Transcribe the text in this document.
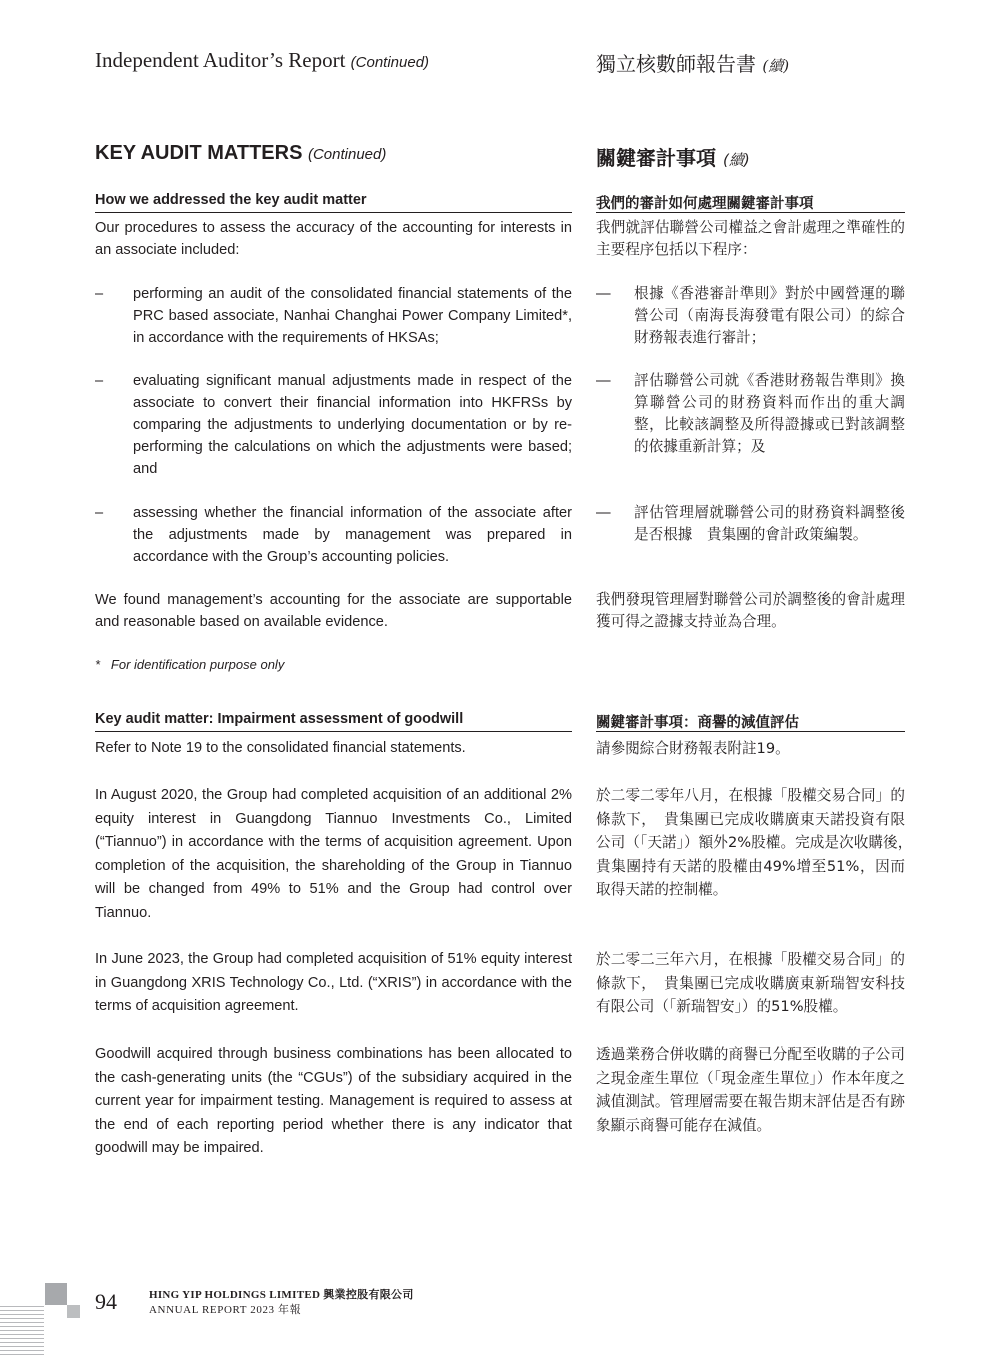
Independent Auditor’s Report (Continued)	獨立核數師報告書 (續)
KEY AUDIT MATTERS (Continued)	關鍵審計事項 (續)
How we addressed the key audit matter	我們的審計如何處理關鍵審計事項
Our procedures to assess the accuracy of the accounting for interests in an associate included:
我們就評估聯營公司權益之會計處理之準確性的主要程序包括以下程序：
– performing an audit of the consolidated financial statements of the PRC based associate, Nanhai Changhai Power Company Limited*, in accordance with the requirements of HKSAs;
— 根據《香港審計準則》對於中國營運的聯營公司（南海長海發電有限公司）的綜合財務報表進行審計；
– evaluating significant manual adjustments made in respect of the associate to convert their financial information into HKFRSs by comparing the adjustments to underlying documentation or by re-performing the calculations on which the adjustments were based; and
— 評估聯營公司就《香港財務報告準則》換算聯營公司的財務資料而作出的重大調整，比較該調整及所得證據或已對該調整的依據重新計算；及
– assessing whether the financial information of the associate after the adjustments made by management was prepared in accordance with the Group’s accounting policies.
— 評估管理層就聯營公司的財務資料調整後是否根據　貴集團的會計政策編製。
We found management’s accounting for the associate are supportable and reasonable based on available evidence.
我們發現管理層對聯營公司於調整後的會計處理獲可得之證據支持並為合理。
*   For identification purpose only
Key audit matter: Impairment assessment of goodwill	關鍵審計事項：商譽的減值評估
Refer to Note 19 to the consolidated financial statements.	請參閱綜合財務報表附註19。
In August 2020, the Group had completed acquisition of an additional 2% equity interest in Guangdong Tiannuo Investments Co., Limited (“Tiannuo”) in accordance with the terms of acquisition agreement. Upon completion of the acquisition, the shareholding of the Group in Tiannuo will be changed from 49% to 51% and the Group had control over Tiannuo.
於二零二零年八月，在根據「股權交易合同」的條款下，　貴集團已完成收購廣東天諾投資有限公司（「天諾」）額外2%股權。完成是次收購後，　貴集團持有天諾的股權由49%增至51%，因而取得天諾的控制權。
In June 2023, the Group had completed acquisition of 51% equity interest in Guangdong XRIS Technology Co., Ltd. (“XRIS”) in accordance with the terms of acquisition agreement.
於二零二三年六月，在根據「股權交易合同」的條款下，　貴集團已完成收購廣東新瑞智安科技有限公司（「新瑞智安」）的51%股權。
Goodwill acquired through business combinations has been allocated to the cash-generating units (the “CGUs”) of the subsidiary acquired in the current year for impairment testing. Management is required to assess at the end of each reporting period whether there is any indicator that goodwill may be impaired.
透過業務合併收購的商譽已分配至收購的子公司之現金產生單位（「現金產生單位」）作本年度之減值測試。管理層需要在報告期末評估是否有跡象顯示商譽可能存在減值。
94	HING YIP HOLDINGS LIMITED 興業控股有限公司
ANNUAL REPORT 2023 年報
